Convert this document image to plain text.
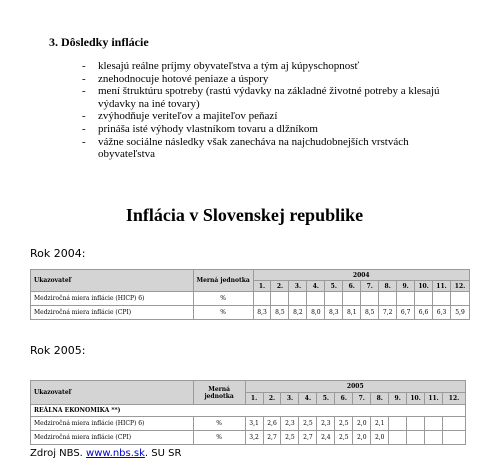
3. Dôsledky inflácie
- klesajú reálne príjmy obyvateľstva a tým aj kúpyschopnosť
- znehodnocuje hotové peniaze a úspory
- mení štruktúru spotreby (rastú výdavky na základné životné potreby a klesajú výdavky na iné tovary)
- zvýhodňuje veriteľov a majiteľov peňazí
- prináša isté výhody vlastníkom tovaru a dlžníkom
- vážne sociálne následky však zanecháva na najchudobnejších vrstvách obyvateľstva
Inflácia v Slovenskej republike
Rok 2004:
Ukazovateľ	Merná jednotka	2004											
		1.	2.	3.	4.	5.	6.	7.	8.	9.	10.	11.	12.
Medziročná miera inflácie (HICP) 6)	%												
Medziročná miera inflácie (CPI)	%	8,3	8,5	8,2	8,0	8,3	8,1	8,5	7,2	6,7	6,6	6,3	5,9
Rok 2005:
Ukazovateľ	Merná jednotka	2005											
		1.	2.	3.	4.	5.	6.	7.	8.	9.	10.	11.	12.
REÁLNA EKONOMIKA **)													
Medziročná miera inflácie (HICP) 6)	%	3,1	2,6	2,3	2,5	2,3	2,5	2,0	2,1				
Medziročná miera inflácie (CPI)	%	3,2	2,7	2,5	2,7	2,4	2,5	2,0	2,0				
Zdroj NBS. www.nbs.sk. SU SR
